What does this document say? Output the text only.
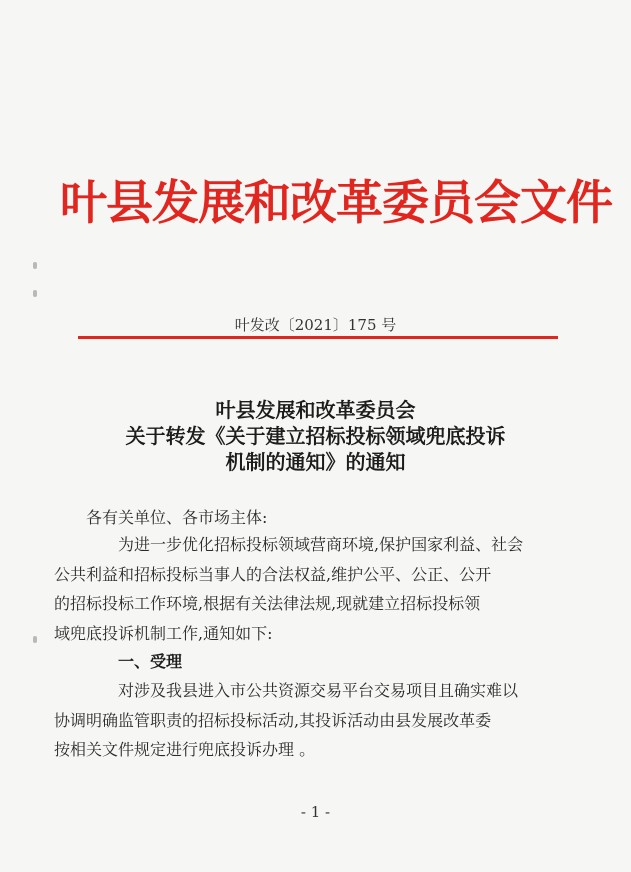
叶县发展和改革委员会文件
叶发改〔2021〕175 号
叶县发展和改革委员会
关于转发《关于建立招标投标领域兜底投诉
机制的通知》的通知
各有关单位、各市场主体:
为进一步优化招标投标领域营商环境,保护国家利益、社会
公共利益和招标投标当事人的合法权益,维护公平、公正、公开
的招标投标工作环境,根据有关法律法规,现就建立招标投标领
域兜底投诉机制工作,通知如下:
一、受理
对涉及我县进入市公共资源交易平台交易项目且确实难以
协调明确监管职责的招标投标活动,其投诉活动由县发展改革委
按相关文件规定进行兜底投诉办理 。
- 1 -
